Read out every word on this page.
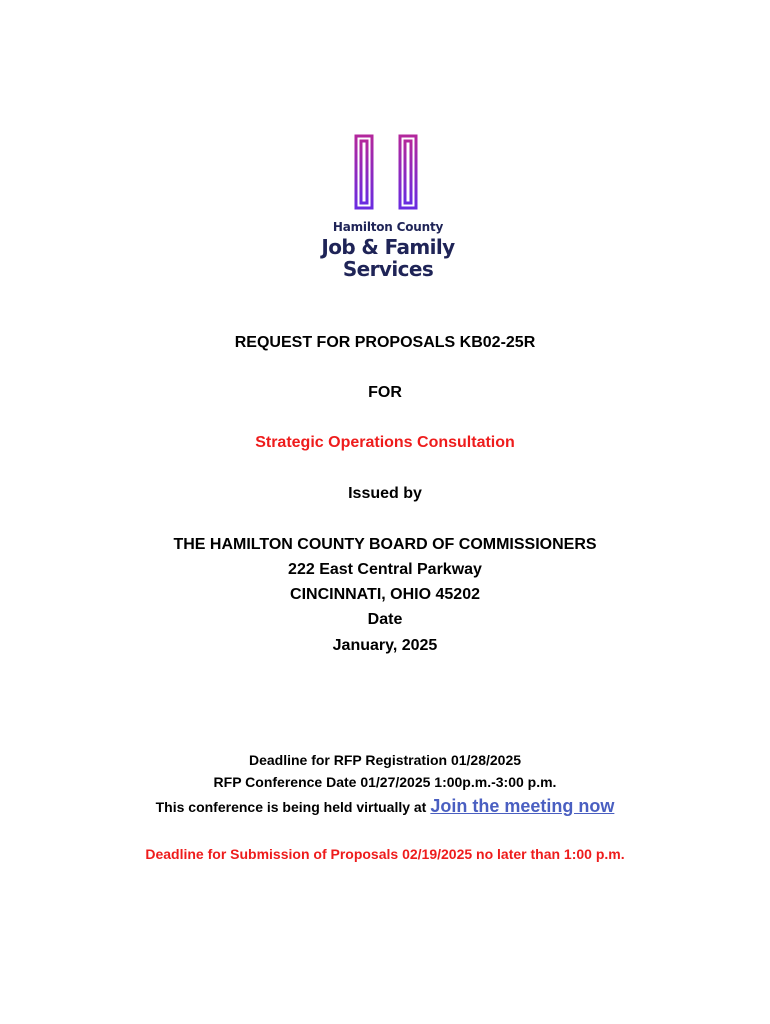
Hamilton County
Job & Family
Services
REQUEST FOR PROPOSALS KB02-25R
FOR
Strategic Operations Consultation
Issued by
THE HAMILTON COUNTY BOARD OF COMMISSIONERS
222 East Central Parkway
CINCINNATI, OHIO 45202
Date
January, 2025
Deadline for RFP Registration 01/28/2025
RFP Conference Date 01/27/2025 1:00p.m.-3:00 p.m.
This conference is being held virtually at Join the meeting now
Deadline for Submission of Proposals 02/19/2025 no later than 1:00 p.m.
